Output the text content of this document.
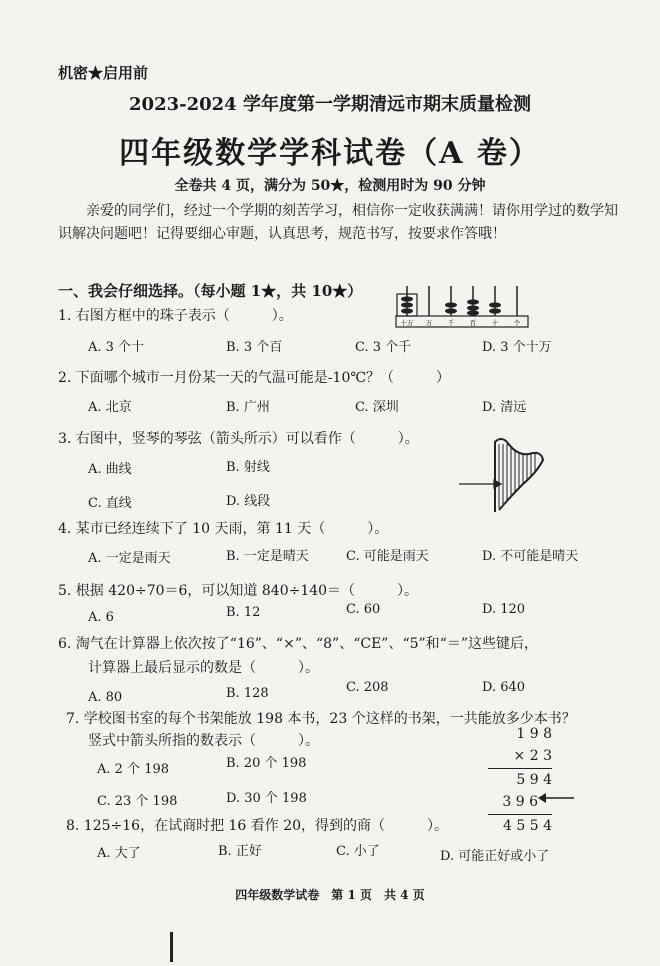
机密★启用前
2023-2024 学年度第一学期清远市期末质量检测
四年级数学学科试卷（A 卷）
全卷共 4 页，满分为 50★，检测用时为 90 分钟
亲爱的同学们，经过一个学期的刻苦学习，相信你一定收获满满！请你用学过的数学知识解决问题吧！记得要细心审题，认真思考，规范书写，按要求作答哦！
一、我会仔细选择。（每小题 1★，共 10★）
1. 右图方框中的珠子表示（　　　）。
A. 3 个十	B. 3 个百	C. 3 个千	D. 3 个十万
十万 万 千 百 十 个
2. 下面哪个城市一月份某一天的气温可能是-10℃？（　　　）
A. 北京	B. 广州	C. 深圳	D. 清远
3. 右图中，竖琴的琴弦（箭头所示）可以看作（　　　）。
A. 曲线	B. 射线
C. 直线	D. 线段
4. 某市已经连续下了 10 天雨，第 11 天（　　　）。
A. 一定是雨天	B. 一定是晴天	C. 可能是雨天	D. 不可能是晴天
5. 根据 420÷70＝6，可以知道 840÷140＝（　　　）。
A. 6	B. 12	C. 60	D. 120
6. 淘气在计算器上依次按了“16”、“×”、“8”、“CE”、“5”和“＝”这些键后，
计算器上最后显示的数是（　　　）。
A. 80	B. 128	C. 208	D. 640
7. 学校图书室的每个书架能放 198 本书，23 个这样的书架，一共能放多少本书？
竖式中箭头所指的数表示（　　　）。
A. 2 个 198	B. 20 个 198
C. 23 个 198	D. 30 个 198
1 9 8
× 2 3
5 9 4
3 9 6
4 5 5 4
8. 125÷16，在试商时把 16 看作 20，得到的商（　　　）。
A. 大了	B. 正好	C. 小了	D. 可能正好或小了
四年级数学试卷　第 1 页　共 4 页
